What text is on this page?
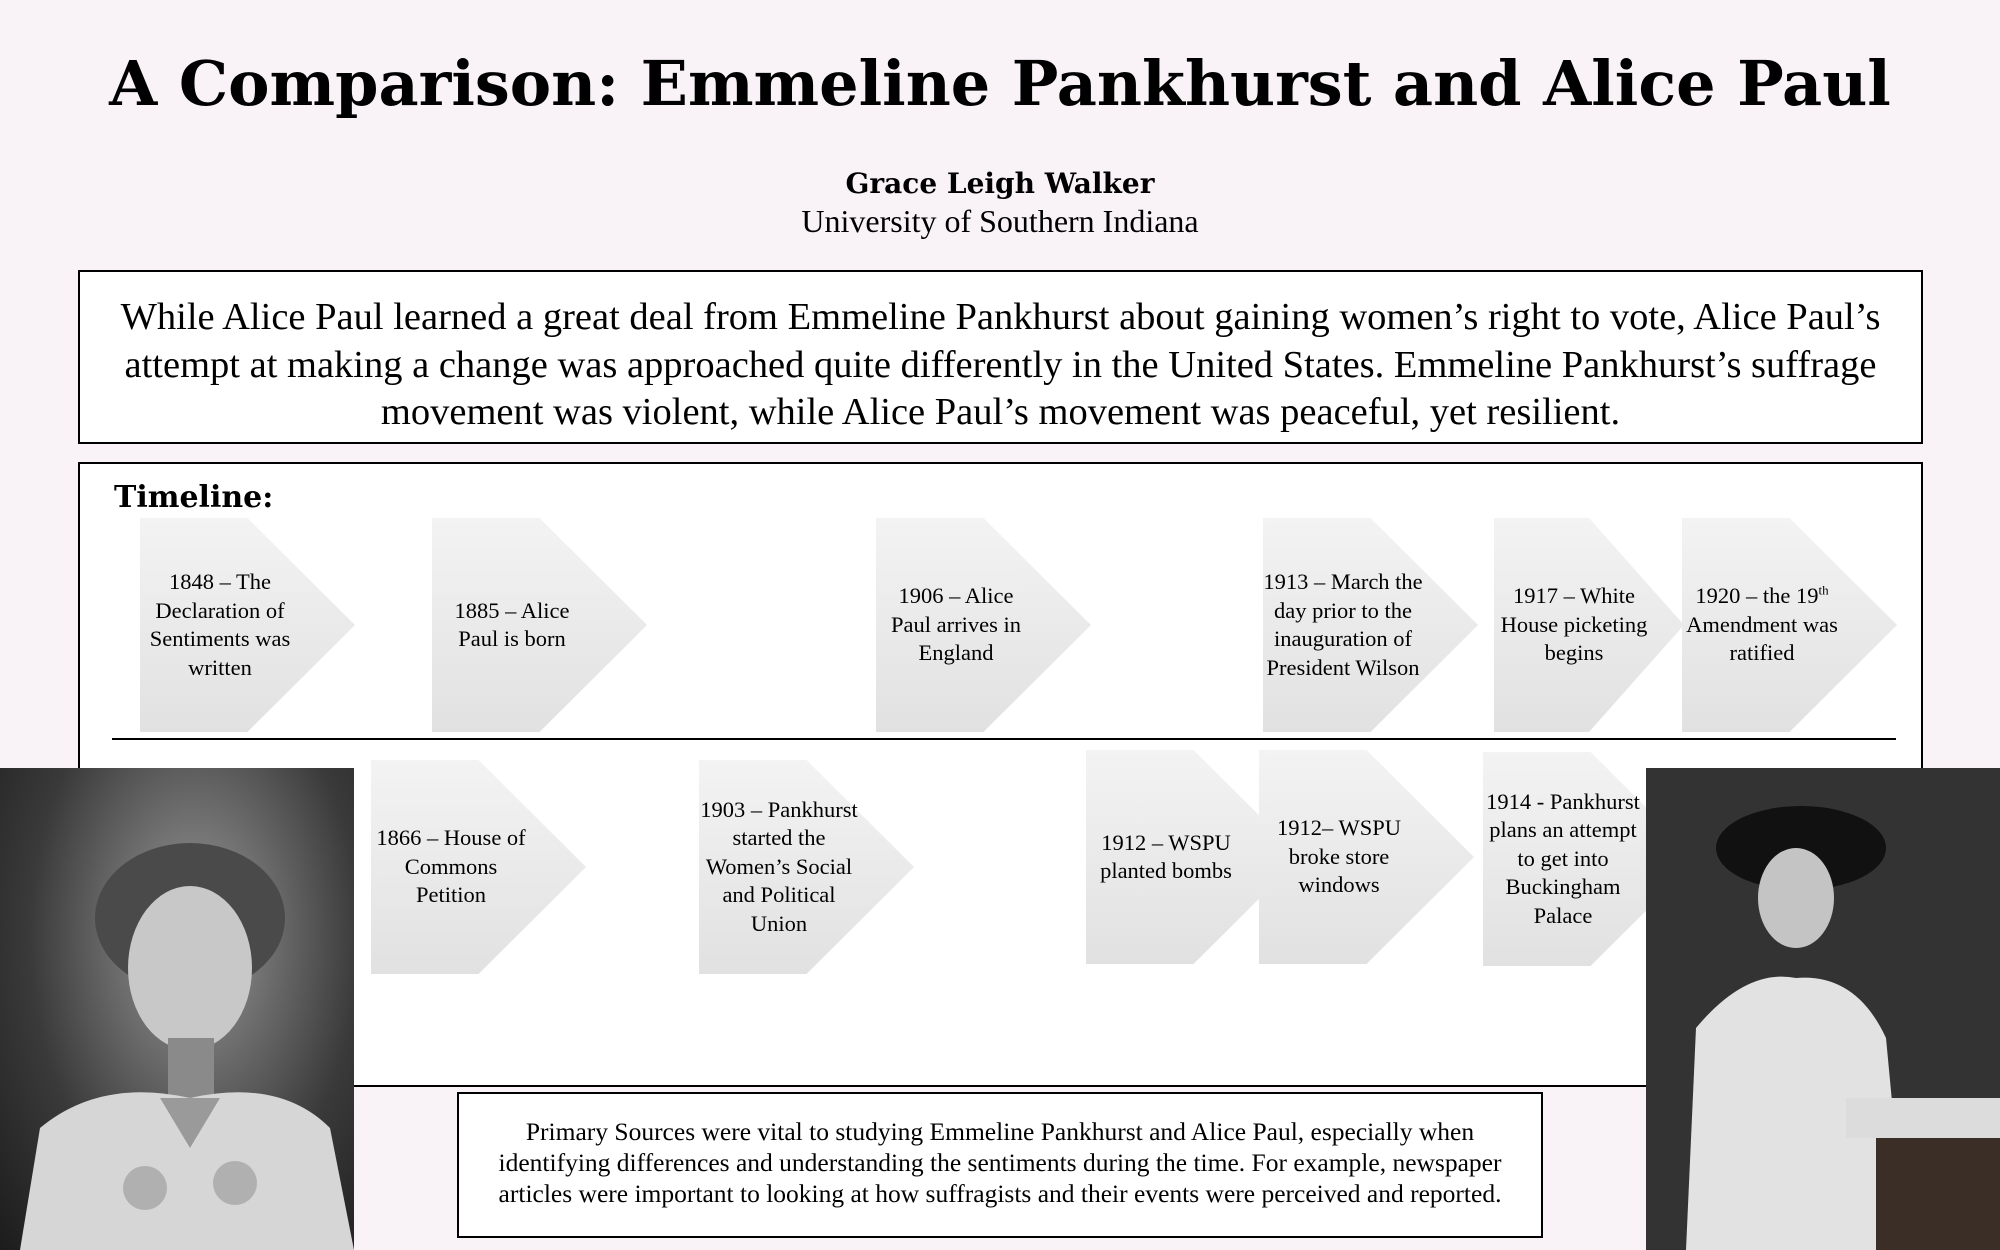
A Comparison: Emmeline Pankhurst and Alice Paul
Grace Leigh Walker
University of Southern Indiana
While Alice Paul learned a great deal from Emmeline Pankhurst about gaining women’s right to vote, Alice Paul’s attempt at making a change was approached quite differently in the United States. Emmeline Pankhurst’s suffrage movement was violent, while Alice Paul’s movement was peaceful, yet resilient.
Timeline:
1848 – The Declaration of Sentiments was written
1885 – Alice Paul is born
1906 – Alice Paul arrives in England
1913 – March the day prior to the inauguration of President Wilson
1917 – White House picketing begins
1920 – the 19th Amendment was ratified
1866 – House of Commons Petition
1903 – Pankhurst started the Women’s Social and Political Union
1912 – WSPU planted bombs
1912– WSPU broke store windows
1914 - Pankhurst plans an attempt to get into Buckingham Palace
Primary Sources were vital to studying Emmeline Pankhurst and Alice Paul, especially when identifying differences and understanding the sentiments during the time. For example, newspaper articles were important to looking at how suffragists and their events were perceived and reported.
